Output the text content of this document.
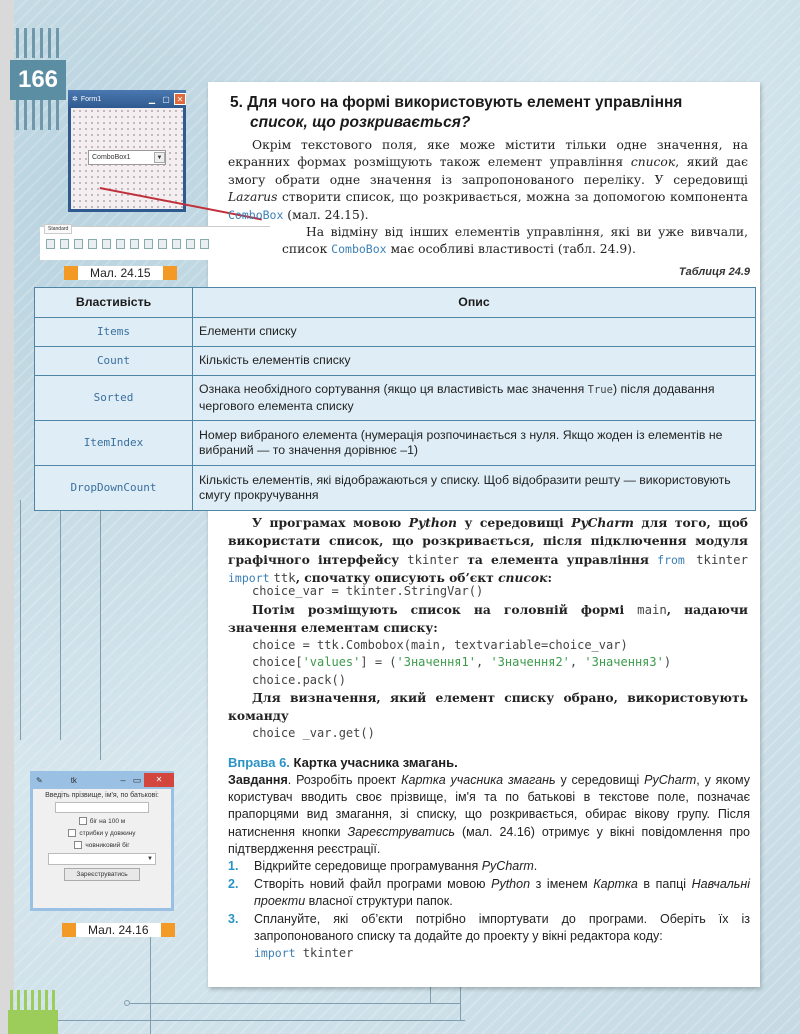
166
✲ Form1	▁ ▢ ✕
ComboBox1	▼
Standard
Мал. 24.15
5. Для чого на формі використовують елемент управління
список, що розкривається?
Окрім текстового поля, яке може містити тільки одне значення, на екранних формах розміщують також елемент управління список, який дає змогу обрати одне значення із запропонованого переліку. У середовищі Lazarus створити список, що розкривається, можна за допомогою компонента ComboBox (мал. 24.15).
На відміну від інших елементів управління, які ви уже вивчали, список ComboBox має особливі властивості (табл. 24.9).
Таблиця 24.9
Властивість	Опис
Items	Елементи списку
Count	Кількість елементів списку
Sorted	Ознака необхідного сортування (якщо ця властивість має значення True) після додавання чергового елемента списку
ItemIndex	Номер вибраного елемента (нумерація розпочинається з нуля. Якщо жоден із елементів не вибраний — то значення дорівнює –1)
DropDownCount	Кількість елементів, які відображаються у списку. Щоб відобразити решту — використовують смугу прокручування
У програмах мовою Python у середовищі PyCharm для того, щоб використати список, що розкривається, після підключення модуля графічного інтерфейсу tkinter та елемента управління from tkinter import ttk, спочатку описують об’єкт список:
choice_var = tkinter.StringVar()
Потім розміщують список на головній формі main, надаючи значення елементам списку:
choice = ttk.Combobox(main, textvariable=choice_var)
choice['values'] = ('Значення1', 'Значення2', 'Значення3')
choice.pack()
Для визначення, який елемент списку обрано, використовують команду
choice _var.get()
Вправа 6. Картка учасника змагань.
Завдання. Розробіть проект Картка учасника змагань у середовищі PyCharm, у якому користувач вводить своє прізвище, ім'я та по батькові в текстове поле, позначає прапорцями вид змагання, зі списку, що розкривається, обирає вікову групу. Після натиснення кнопки Зареєструватись (мал. 24.16) отримує у вікні повідомлення про підтвердження реєстрації.
1.	Відкрийте середовище програмування PyCharm.
2.	Створіть новий файл програми мовою Python з іменем Картка в папці Навчальні проекти власної структури папок.
3.	Сплануйте, які об’єкти потрібно імпортувати до програми. Оберіть їх із запропонованого списку та додайте до проекту у вікні редактора коду:
import tkinter
Введіть прізвище, ім'я, по батькові:
біг на 100 м
стрибки у довжину
човниковий біг
▼
Зареєструватись
✎	tk	– ▭	✕
Мал. 24.16
